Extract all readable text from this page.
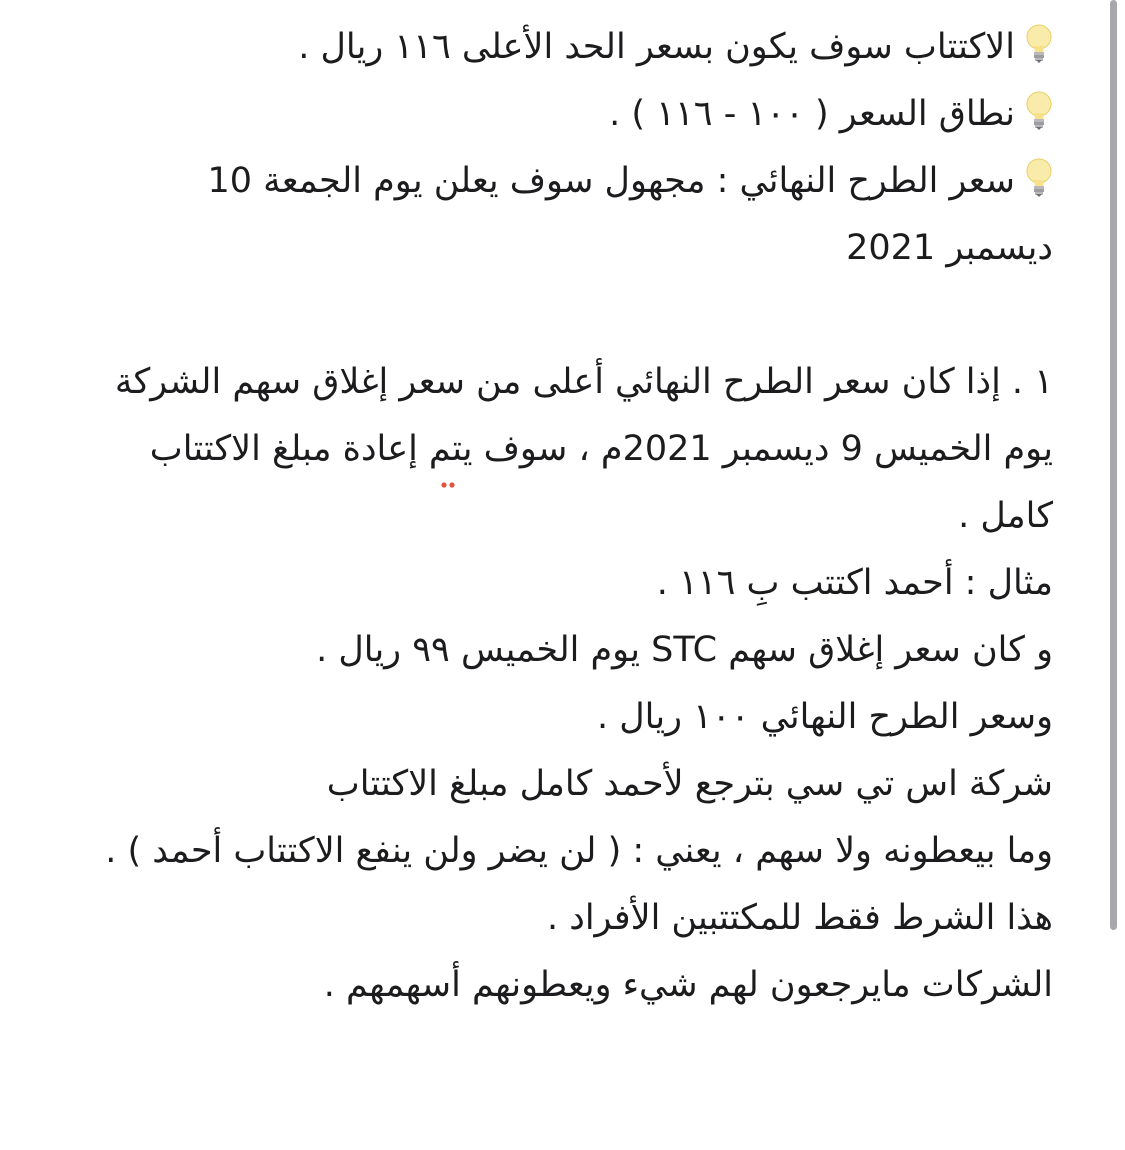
الاكتتاب سوف يكون بسعر الحد الأعلى ١١٦ ريال .
نطاق السعر ( ١٠٠ - ١١٦ ) .
سعر الطرح النهائي : مجهول سوف يعلن يوم الجمعة 10 ديسمبر 2021
١ . إذا كان سعر الطرح النهائي أعلى من سعر إغلاق سهم الشركة يوم الخميس 9 ديسمبر 2021م ، سوف يتم إعادة مبلغ الاكتتاب كامل .
مثال : أحمد اكتتب بِ ١١٦ .
و كان سعر إغلاق سهم STC يوم الخميس ٩٩ ريال .
وسعر الطرح النهائي ١٠٠ ريال .
شركة اس تي سي بترجع لأحمد كامل مبلغ الاكتتاب
وما بيعطونه ولا سهم ، يعني : ( لن يضر ولن ينفع الاكتتاب أحمد ) .
هذا الشرط فقط للمكتتبين الأفراد .
الشركات مايرجعون لهم شيء ويعطونهم أسهمهم .
